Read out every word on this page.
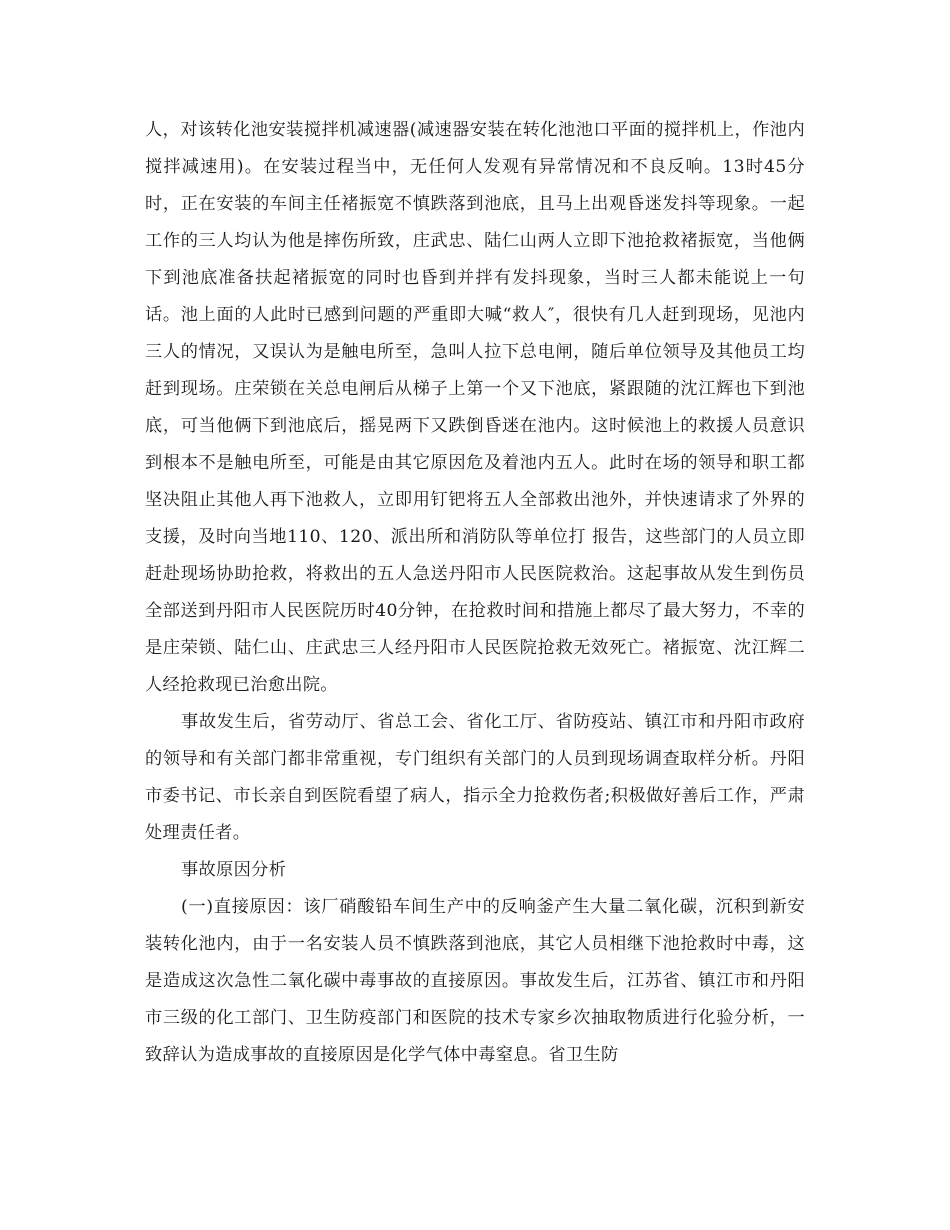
人，对该转化池安装搅拌机减速器(减速器安装在转化池池口平面的搅拌机上，作池内搅拌减速用)。在安装过程当中，无任何人发观有异常情况和不良反响。13时45分时，正在安装的车间主任褚振宽不慎跌落到池底，且马上出观昏迷发抖等现象。一起工作的三人均认为他是摔伤所致，庄武忠、陆仁山两人立即下池抢救褚振宽，当他俩下到池底准备扶起褚振宽的同时也昏到并拌有发抖现象，当时三人都未能说上一句话。池上面的人此时已感到问题的严重即大喊“救人″，很快有几人赶到现场，见池内三人的情况，又误认为是触电所至，急叫人拉下总电闸，随后单位领导及其他员工均赶到现场。庄荣锁在关总电闸后从梯子上第一个又下池底，紧跟随的沈江辉也下到池底，可当他俩下到池底后，摇晃两下又跌倒昏迷在池内。这时候池上的救援人员意识到根本不是触电所至，可能是由其它原因危及着池内五人。此时在场的领导和职工都坚决阻止其他人再下池救人，立即用钉钯将五人全部救出池外，并快速请求了外界的支援，及时向当地110、120、派出所和消防队等单位打 报告，这些部门的人员立即赶赴现场协助抢救，将救出的五人急送丹阳市人民医院救治。这起事故从发生到伤员全部送到丹阳市人民医院历时40分钟，在抢救时间和措施上都尽了最大努力，不幸的是庄荣锁、陆仁山、庄武忠三人经丹阳市人民医院抢救无效死亡。褚振宽、沈江辉二人经抢救现已治愈出院。

事故发生后，省劳动厅、省总工会、省化工厅、省防疫站、镇江市和丹阳市政府的领导和有关部门都非常重视，专门组织有关部门的人员到现场调查取样分析。丹阳市委书记、市长亲自到医院看望了病人，指示全力抢救伤者;积极做好善后工作，严肃处理责任者。

事故原因分析

(一)直接原因：该厂硝酸铅车间生产中的反响釜产生大量二氧化碳，沉积到新安装转化池内，由于一名安装人员不慎跌落到池底，其它人员相继下池抢救时中毒，这是造成这次急性二氧化碳中毒事故的直接原因。事故发生后，江苏省、镇江市和丹阳市三级的化工部门、卫生防疫部门和医院的技术专家乡次抽取物质进行化验分析，一致辞认为造成事故的直接原因是化学气体中毒窒息。省卫生防
